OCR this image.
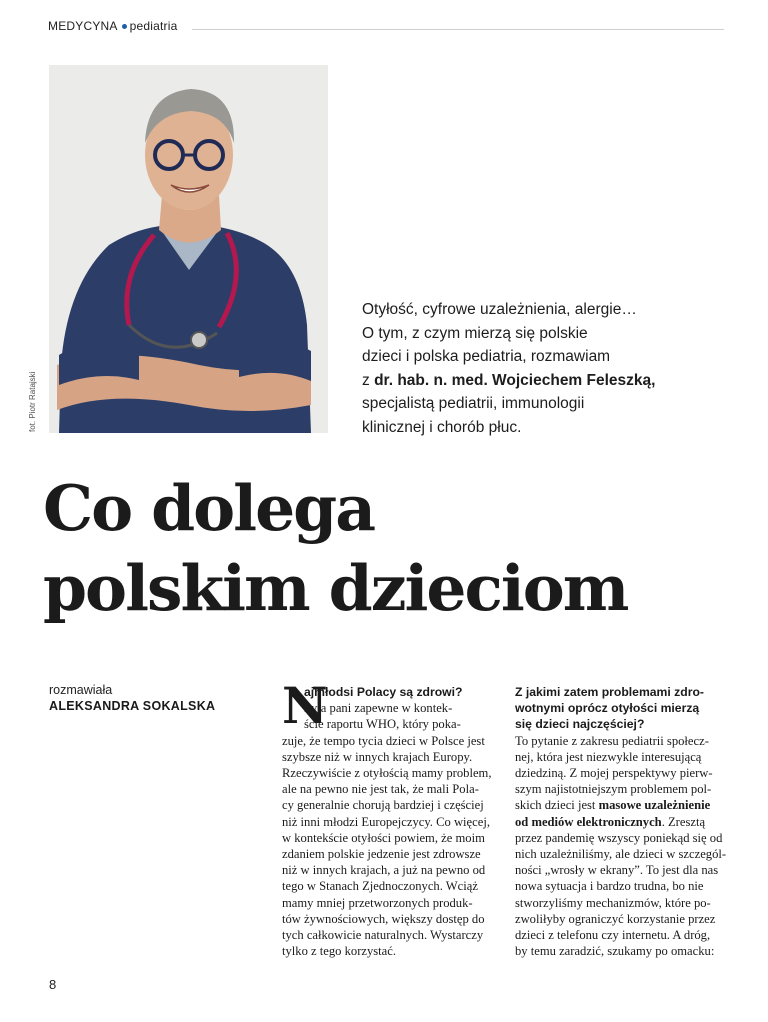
MEDYCYNA pediatria
fot. Piotr Ratajski
Otyłość, cyfrowe uzależnienia, alergie…
O tym, z czym mierzą się polskie
dzieci i polska pediatria, rozmawiam
z dr. hab. n. med. Wojciechem Feleszką,
specjalistą pediatrii, immunologii
klinicznej i chorób płuc.
Co dolega
polskim dzieciom
rozmawiała
ALEKSANDRA SOKALSKA N
ajmłodsi Polacy są zdrowi?
Pyta pani zapewne w kontek-
ście raportu WHO, który poka-
zuje, że tempo tycia dzieci w Polsce jest
szybsze niż w innych krajach Europy.
Rzeczywiście z otyłością mamy problem,
ale na pewno nie jest tak, że mali Pola-
cy generalnie chorują bardziej i częściej
niż inni młodzi Europejczycy. Co więcej,
w kontekście otyłości powiem, że moim
zdaniem polskie jedzenie jest zdrowsze
niż w innych krajach, a już na pewno od
tego w Stanach Zjednoczonych. Wciąż
mamy mniej przetworzonych produk-
tów żywnościowych, większy dostęp do
tych całkowicie naturalnych. Wystarczy
tylko z tego korzystać.
Z jakimi zatem problemami zdro-
wotnymi oprócz otyłości mierzą
się dzieci najczęściej?
To pytanie z zakresu pediatrii społecz-
nej, która jest niezwykle interesującą
dziedziną. Z mojej perspektywy pierw-
szym najistotniejszym problemem pol-
skich dzieci jest masowe uzależnienie
od mediów elektronicznych. Zresztą
przez pandemię wszyscy poniekąd się od
nich uzależniliśmy, ale dzieci w szczegól-
ności „wrosły w ekrany”. To jest dla nas
nowa sytuacja i bardzo trudna, bo nie
stworzyliśmy mechanizmów, które po-
zwoliłyby ograniczyć korzystanie przez
dzieci z telefonu czy internetu. A dróg,
by temu zaradzić, szukamy po omacku:
8
